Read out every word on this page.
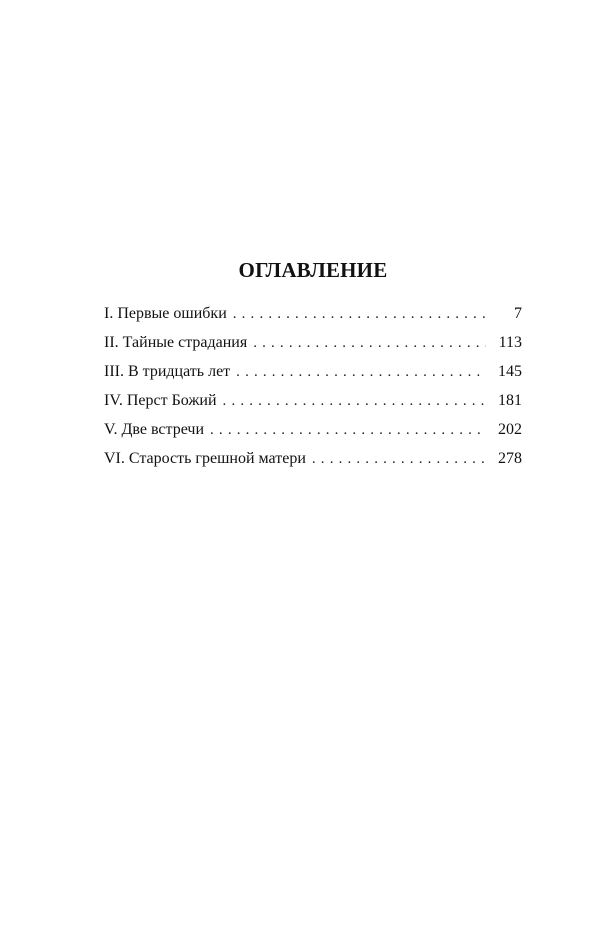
ОГЛАВЛЕНИЕ
I. Первые ошибки . . .	7
II. Тайные страдания . . .	113
III. В тридцать лет . . .	145
IV. Перст Божий . . .	181
V. Две встречи . . .	202
VI. Старость грешной матери . . .	278
